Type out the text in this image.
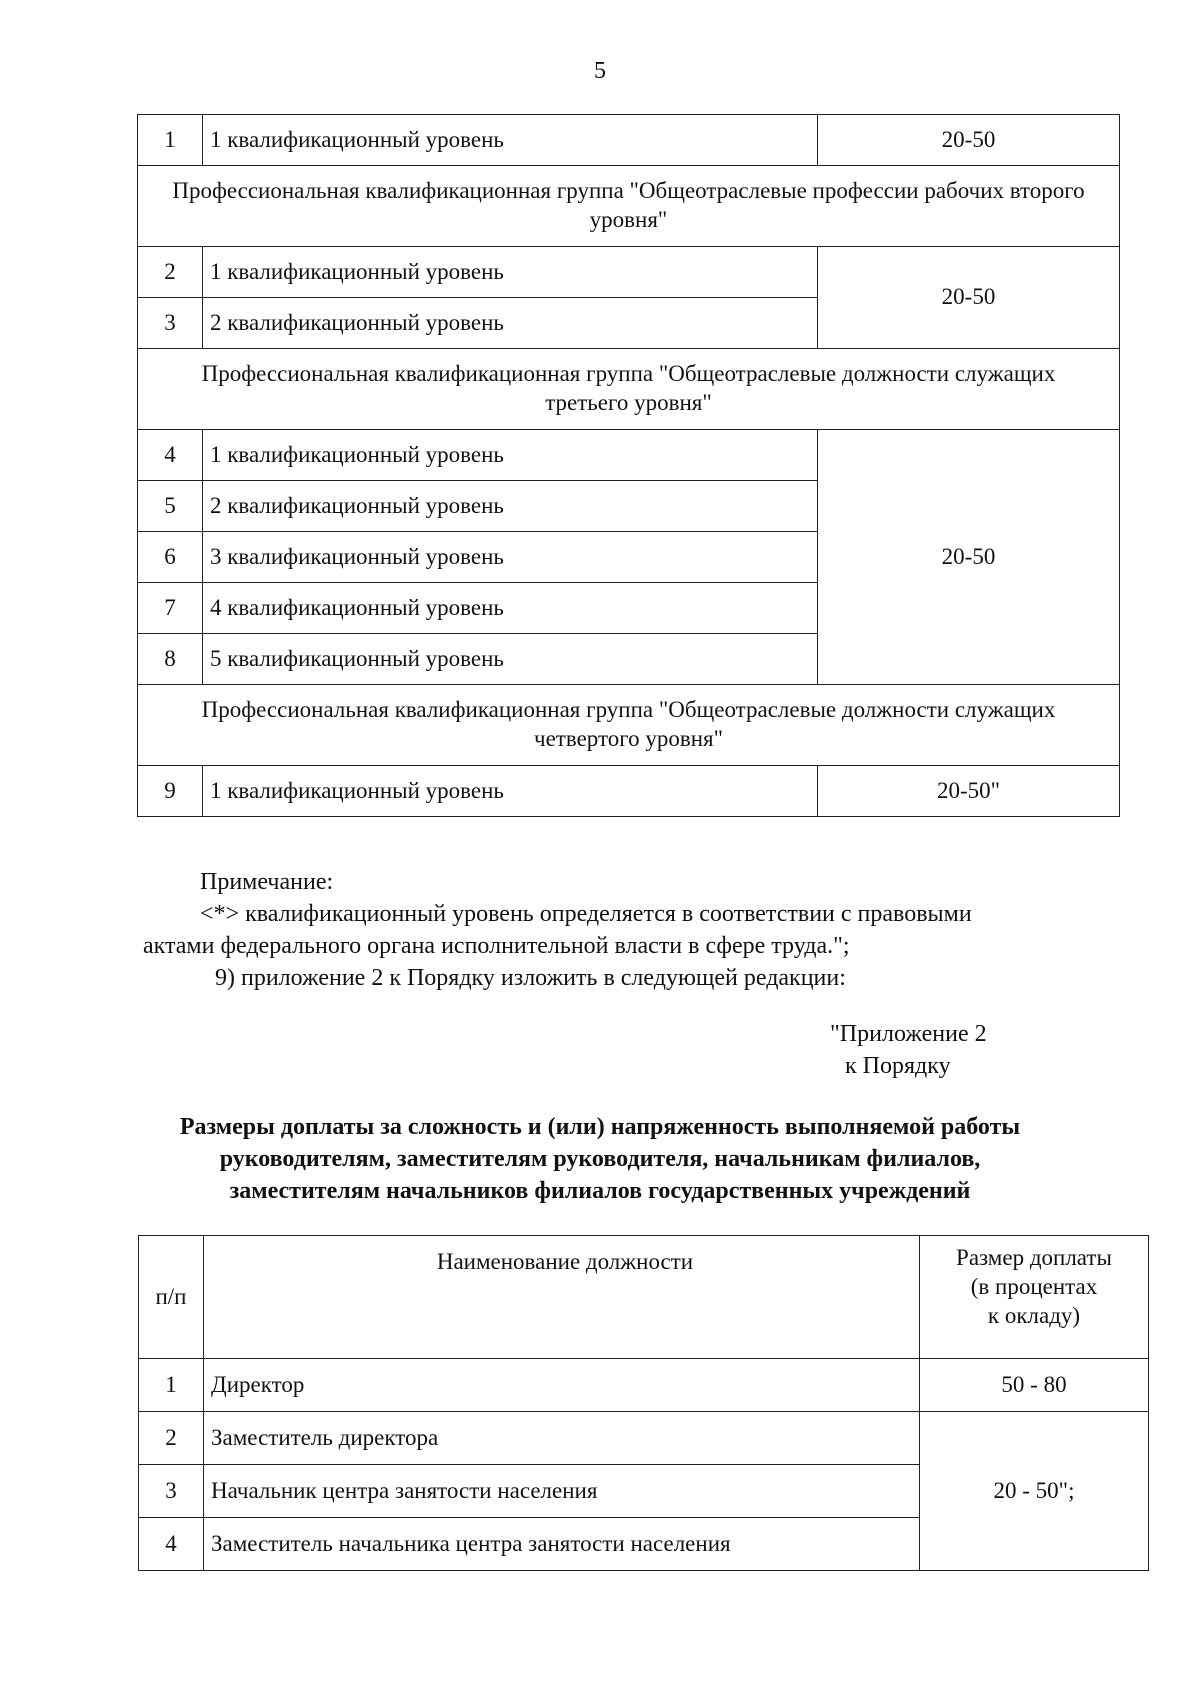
5
1	1 квалификационный уровень	20-50
Профессиональная квалификационная группа "Общеотраслевые профессии рабочих второго уровня"		
2	1 квалификационный уровень	20-50
3	2 квалификационный уровень	
Профессиональная квалификационная группа "Общеотраслевые должности служащих третьего уровня"		
4	1 квалификационный уровень	20-50
5	2 квалификационный уровень	
6	3 квалификационный уровень	
7	4 квалификационный уровень	
8	5 квалификационный уровень	
Профессиональная квалификационная группа "Общеотраслевые должности служащих четвертого уровня"		
9	1 квалификационный уровень	20-50"
Примечание:
<*> квалификационный уровень определяется в соответствии с правовыми
актами федерального органа исполнительной власти в сфере труда.";
9) приложение 2 к Порядку изложить в следующей редакции:
"Приложение 2
к Порядку
Размеры доплаты за сложность и (или) напряженность выполняемой работы
руководителям, заместителям руководителя, начальникам филиалов,
заместителям начальников филиалов государственных учреждений
п/п	Наименование должности	Размер доплаты
(в процентах
к окладу)

1	Директор	50 - 80
2	Заместитель директора	20 - 50";
3	Начальник центра занятости населения	
4	Заместитель начальника центра занятости населения	
